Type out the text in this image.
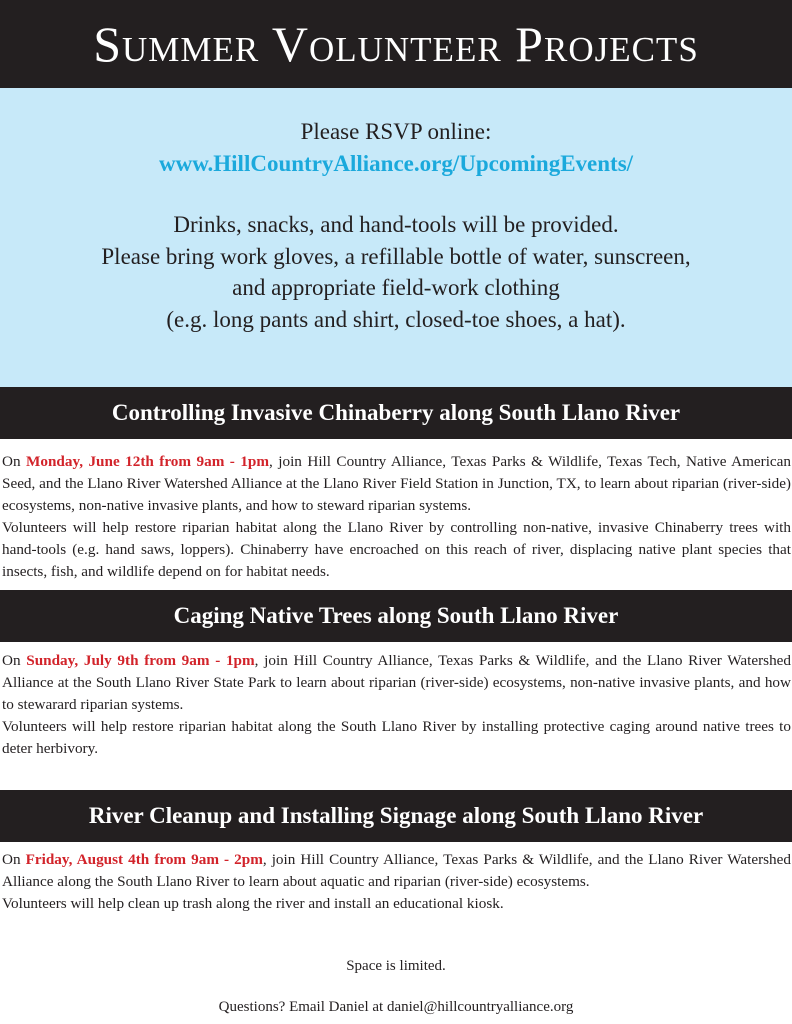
Summer Volunteer Projects
Please RSVP online:
www.HillCountryAlliance.org/UpcomingEvents/
Drinks, snacks, and hand-tools will be provided.
Please bring work gloves, a refillable bottle of water, sunscreen,
and appropriate field-work clothing
(e.g. long pants and shirt, closed-toe shoes, a hat).
Controlling Invasive Chinaberry along South Llano River

On Monday, June 12th from 9am - 1pm, join Hill Country Alliance, Texas Parks & Wildlife, Texas Tech, Native American Seed, and the Llano River Watershed Alliance at the Llano River Field Station in Junction, TX, to learn about riparian (river-side) ecosystems, non-native invasive plants, and how to steward riparian systems.

Volunteers will help restore riparian habitat along the Llano River by controlling non-native, invasive Chinaberry trees with hand-tools (e.g. hand saws, loppers). Chinaberry have encroached on this reach of river, displacing native plant species that insects, fish, and wildlife depend on for habitat needs.

Caging Native Trees along South Llano River

On Sunday, July 9th from 9am - 1pm, join Hill Country Alliance, Texas Parks & Wildlife, and the Llano River Watershed Alliance at the South Llano River State Park to learn about riparian (river-side) ecosystems, non-native invasive plants, and how to stewarard riparian systems.

Volunteers will help restore riparian habitat along the South Llano River by installing protective caging around native trees to deter herbivory.

River Cleanup and Installing Signage along South Llano River

On Friday, August 4th from 9am - 2pm, join Hill Country Alliance, Texas Parks & Wildlife, and the Llano River Watershed Alliance along the South Llano River to learn about aquatic and riparian (river-side) ecosystems.

Volunteers will help clean up trash along the river and install an educational kiosk.

Space is limited.
Questions? Email Daniel at daniel@hillcountryalliance.org
